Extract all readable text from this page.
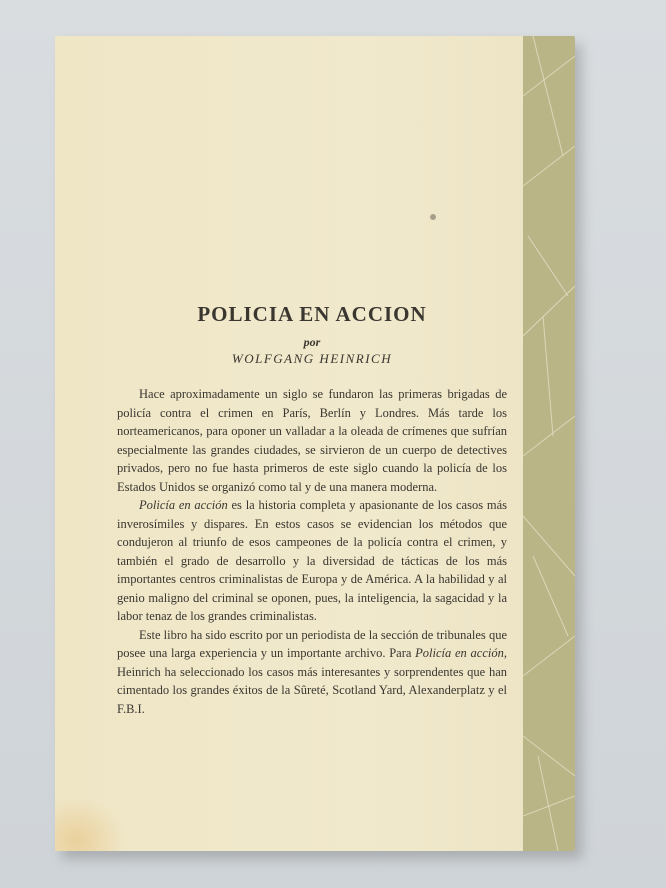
POLICIA EN ACCION
por
WOLFGANG HEINRICH

Hace aproximadamente un siglo se fundaron las primeras brigadas de policía contra el crimen en París, Berlín y Londres. Más tarde los norteamericanos, para oponer un valladar a la oleada de crímenes que sufrían especialmente las grandes ciudades, se sirvieron de un cuerpo de detectives privados, pero no fue hasta primeros de este siglo cuando la policía de los Estados Unidos se organizó como tal y de una manera moderna.

Policía en acción es la historia completa y apasionante de los casos más inverosímiles y dispares. En estos casos se evidencian los métodos que condujeron al triunfo de esos campeones de la policía contra el crimen, y también el grado de desarrollo y la diversidad de tácticas de los más importantes centros criminalistas de Europa y de América. A la habilidad y al genio maligno del criminal se oponen, pues, la inteligencia, la sagacidad y la labor tenaz de los grandes criminalistas.

Este libro ha sido escrito por un periodista de la sección de tribunales que posee una larga experiencia y un importante archivo. Para Policía en acción, Heinrich ha seleccionado los casos más interesantes y sorprendentes que han cimentado los grandes éxitos de la Sûreté, Scotland Yard, Alexanderplatz y el F.B.I.
